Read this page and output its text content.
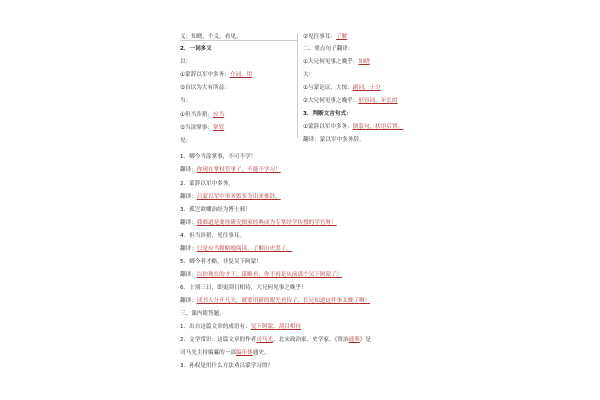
义：知晓、个义，看见。
2．一词多义
以：
①蒙辞以军中多务：介词，用
②自以为大有所益：
当：
①但当涉猎：应当
②当涂掌事：掌管
见：
②见往事耳：了解
二、重点句子翻译：
①大兄何见事之晚乎：知晓
大：
①与蒙论议，大惊：副词，十分
②大兄何见事之晚乎：形容词，年长的
3．判断文言句式：
①蒙辞以军中多务：倒装句，状语后置。
翻译：蒙以军中多务辞。
1．卿今当涂掌事，不可不学！
翻译：你现在掌权管事了，不能不学习！
2．蒙辞以军中多务。
翻译：吕蒙以军中事务繁多为由来推辞。
3．孤岂欲卿治经为博士邪！
翻译：我难道是要你研究儒家经典成为专掌经学传授的学官呀！
4．但当涉猎，见往事耳。
翻译：只是应当粗略地阅读，了解历史罢了。
5．卿今者才略，非复吴下阿蒙！
翻译：以你现在的才干、谋略看，你不再是从前那个吴下阿蒙了！
6．士别三日，即更刮目相待，大兄何见事之晚乎！
翻译：读书人分开几天，就要用新的眼光看待了，长兄知道这件事太晚了啊！
三、课内简答题。
1．出自这篇文章的成语有：吴下阿蒙、刮目相待
2．文学常识：这篇文章的作者司马光，北宋政治家、史学家。《资治通鉴》是
司马光主持编纂的一部编年体通史。
3．孙权是用什么方法劝吕蒙学习的？
